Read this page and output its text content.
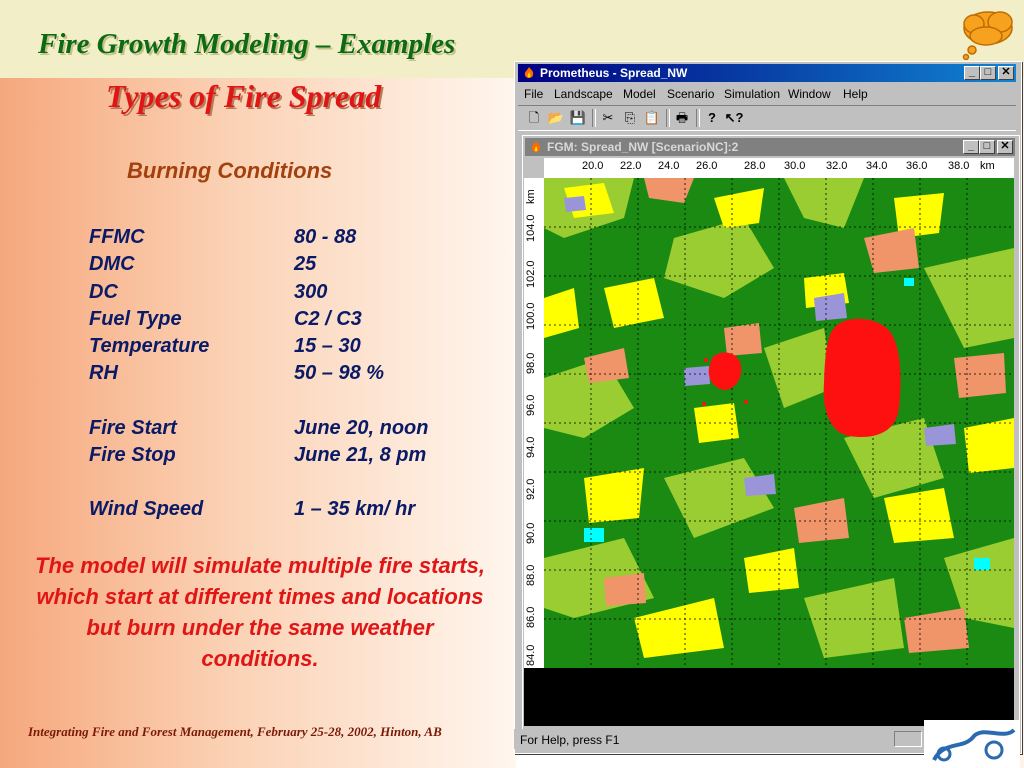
Fire Growth Modeling – Examples
Types of Fire Spread
Burning Conditions
FFMC	80 - 88
DMC	25
DC	300
Fuel Type	C2 / C3
Temperature	15 – 30
RH	50 – 98 %
Fire Start	June 20, noon
Fire Stop	June 21, 8 pm
Wind Speed	1 – 35 km/ hr
The model will simulate multiple fire starts, which start at different times and locations but burn under the same weather conditions.
Integrating Fire and Forest Management, February 25-28, 2002, Hinton, AB
Prometheus - Spread_NW	_ □ ✕
File Landscape Model Scenario Simulation Window Help
🗋 📂 💾	✂ ⎘ 📋 🖶	? ↖?
FGM: Spread_NW [ScenarioNC]:2	_ □ ✕
20.0 22.0 24.0 26.0 28.0 30.0 32.0 34.0 36.0 38.0 km
km
104.0
102.0
100.0
98.0
96.0
94.0
92.0
90.0
88.0
86.0
84.0
For Help, press F1
